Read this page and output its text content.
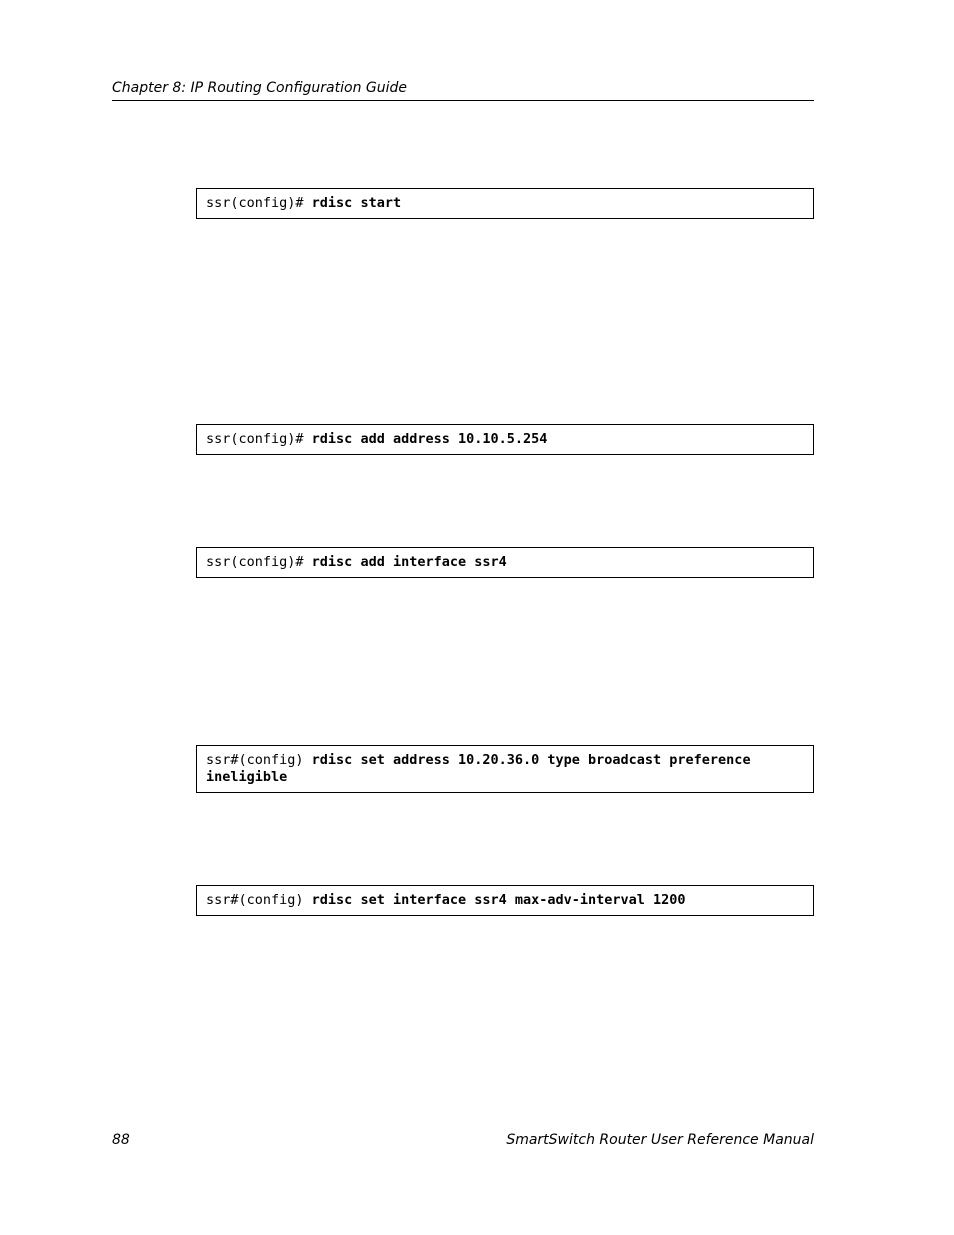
Chapter 8: IP Routing Configuration Guide
ssr(config)# rdisc start
ssr(config)# rdisc add address 10.10.5.254
ssr(config)# rdisc add interface ssr4
ssr#(config) rdisc set address 10.20.36.0 type broadcast preference ineligible
ssr#(config) rdisc set interface ssr4 max-adv-interval 1200
88	SmartSwitch Router User Reference Manual
